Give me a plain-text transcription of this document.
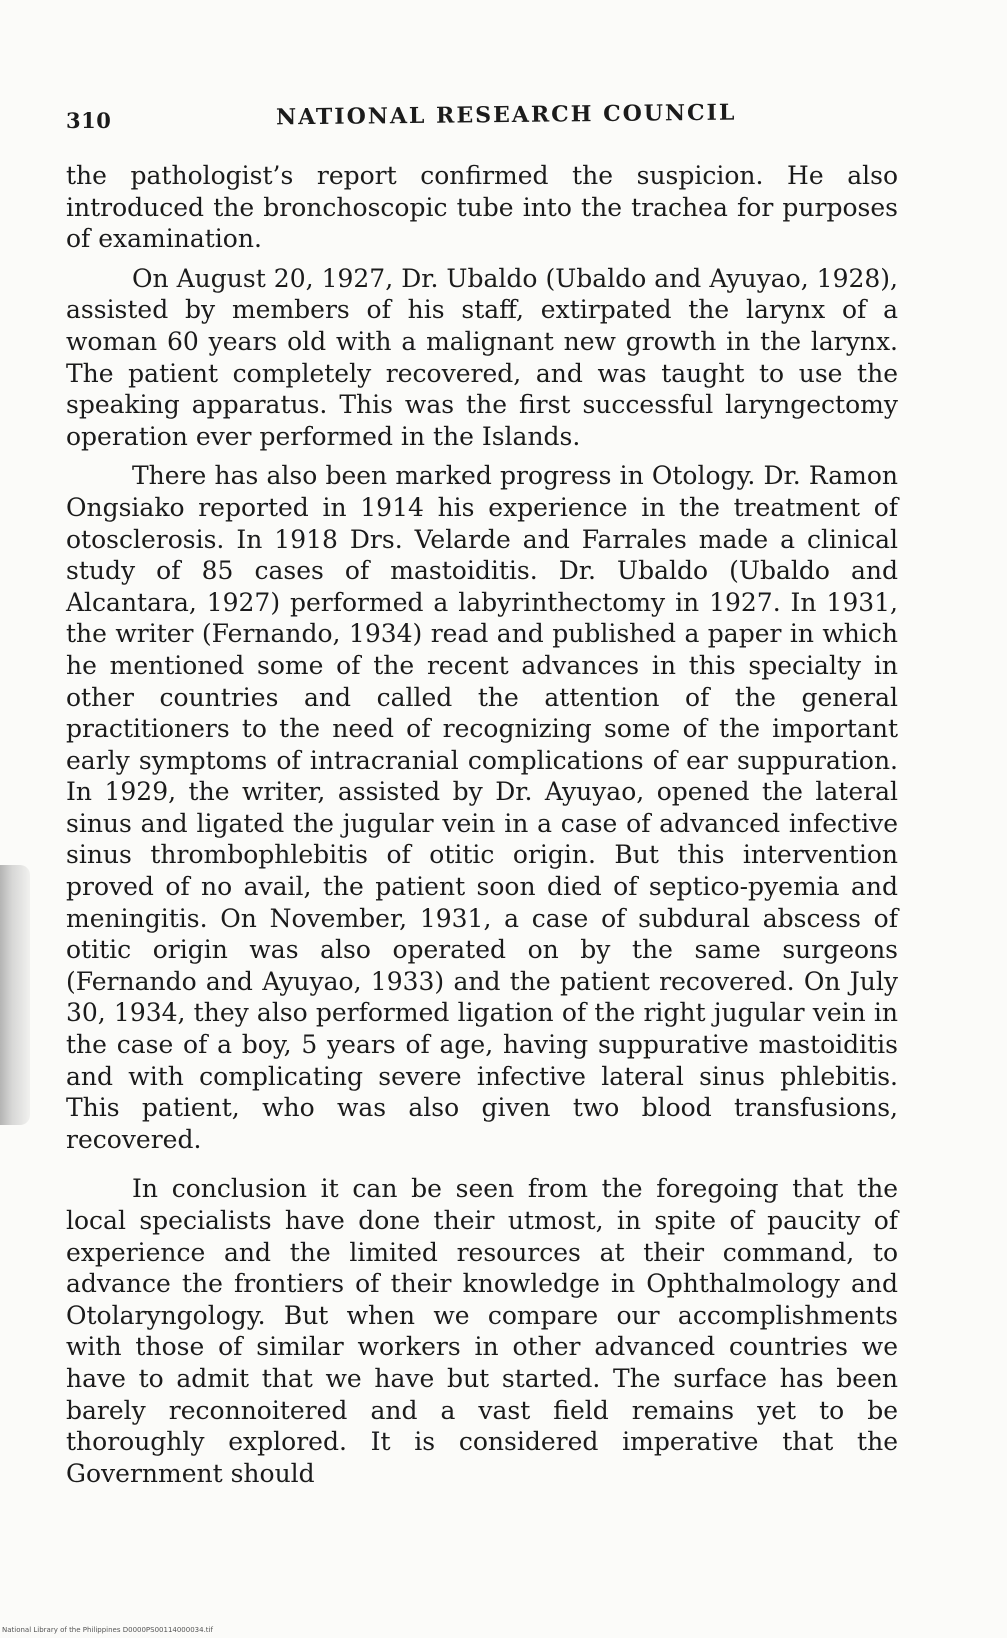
310	NATIONAL RESEARCH COUNCIL

the pathologist’s report confirmed the suspicion. He also introduced the bronchoscopic tube into the trachea for purposes of examination.

On August 20, 1927, Dr. Ubaldo (Ubaldo and Ayuyao, 1928), assisted by members of his staff, extirpated the larynx of a woman 60 years old with a malignant new growth in the larynx. The patient completely recovered, and was taught to use the speaking apparatus. This was the first successful laryngectomy operation ever performed in the Islands.

There has also been marked progress in Otology. Dr. Ramon Ongsiako reported in 1914 his experience in the treatment of otosclerosis. In 1918 Drs. Velarde and Farrales made a clinical study of 85 cases of mastoiditis. Dr. Ubaldo (Ubaldo and Alcantara, 1927) performed a labyrinthectomy in 1927. In 1931, the writer (Fernando, 1934) read and published a paper in which he mentioned some of the recent advances in this specialty in other countries and called the attention of the general practitioners to the need of recognizing some of the important early symptoms of intracranial complications of ear suppuration. In 1929, the writer, assisted by Dr. Ayuyao, opened the lateral sinus and ligated the jugular vein in a case of advanced infective sinus thrombophlebitis of otitic origin. But this intervention proved of no avail, the patient soon died of septico-pyemia and meningitis. On November, 1931, a case of subdural abscess of otitic origin was also operated on by the same surgeons (Fernando and Ayuyao, 1933) and the patient recovered. On July 30, 1934, they also performed ligation of the right jugular vein in the case of a boy, 5 years of age, having suppurative mastoiditis and with complicating severe infective lateral sinus phlebitis. This patient, who was also given two blood transfusions, recovered.

In conclusion it can be seen from the foregoing that the local specialists have done their utmost, in spite of paucity of experience and the limited resources at their command, to advance the frontiers of their knowledge in Ophthalmology and Otolaryngology. But when we compare our accomplishments with those of similar workers in other advanced countries we have to admit that we have but started. The surface has been barely reconnoitered and a vast field remains yet to be thoroughly explored. It is considered imperative that the Government should

National Library of the Philippines D0000PS00114000034.tif
